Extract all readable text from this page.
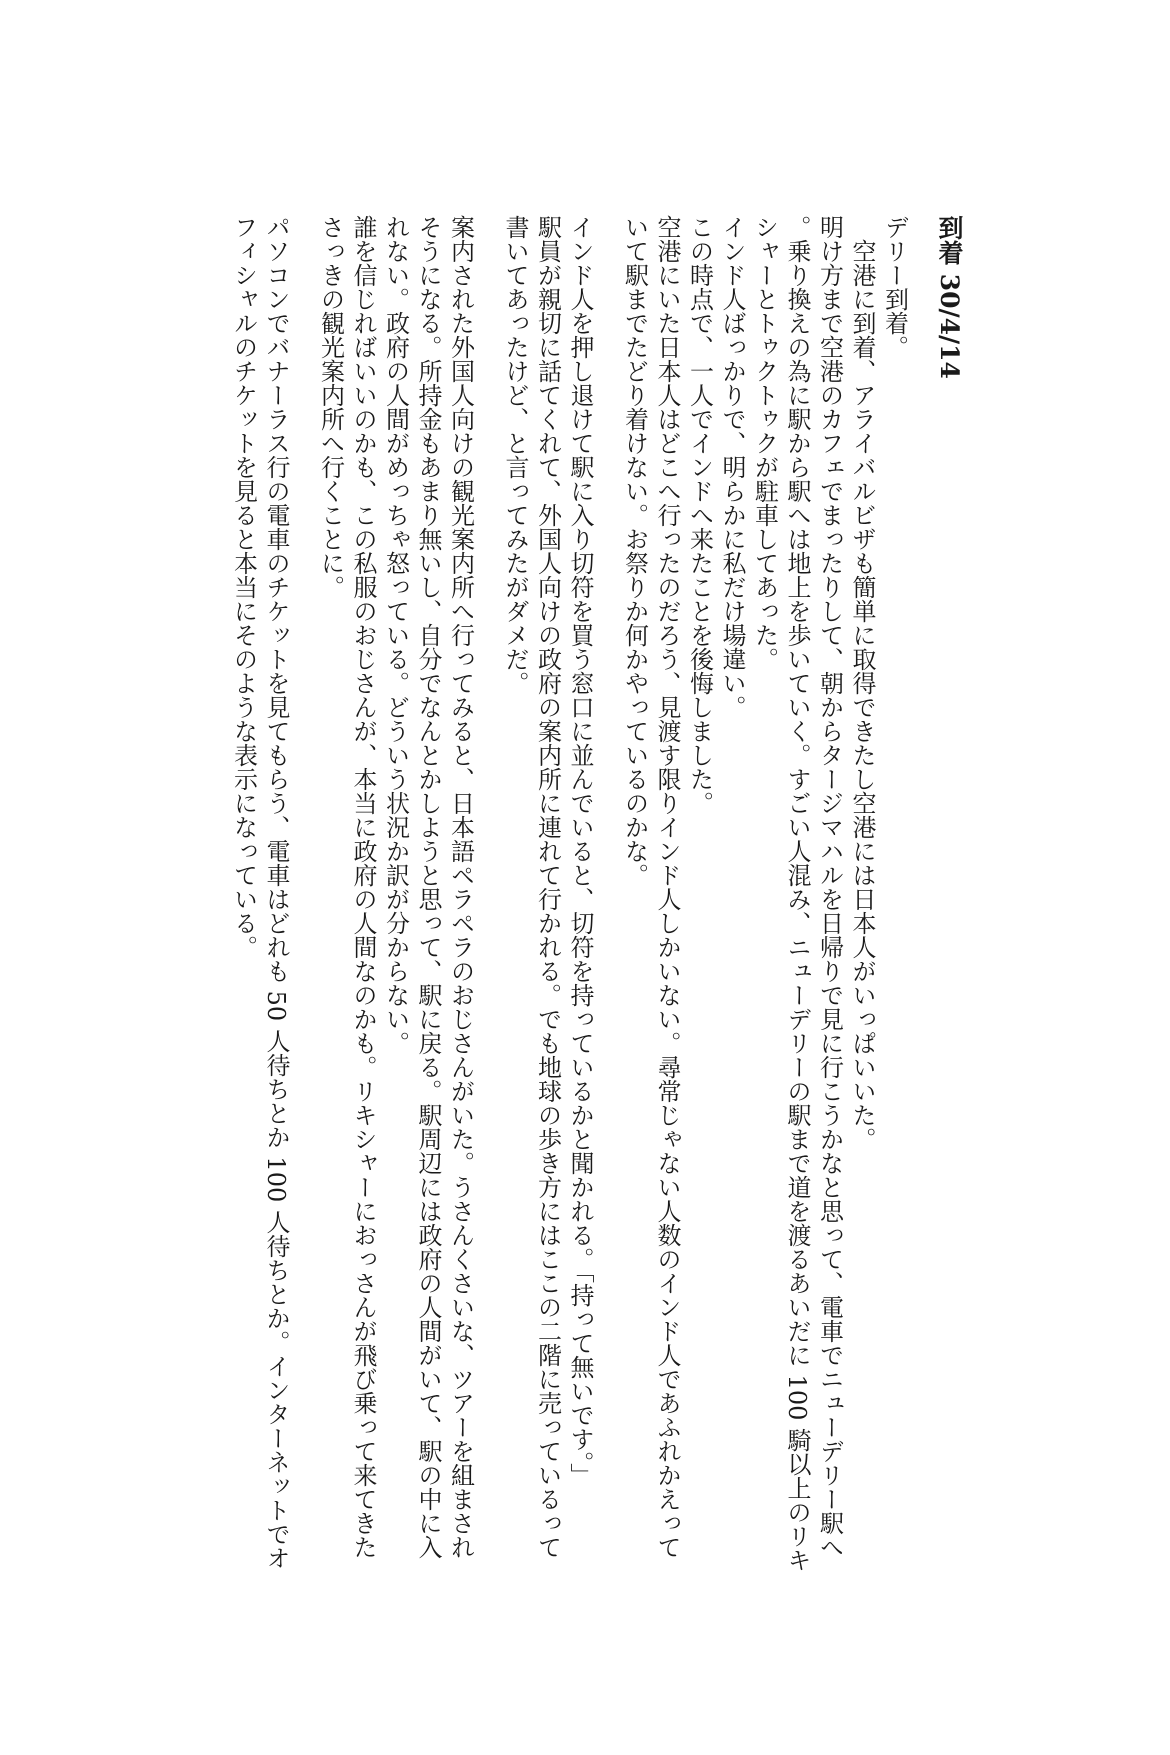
到着 30/4/14
デリー到着。
空港に到着、アライバルビザも簡単に取得できたし空港には日本人がいっぱいいた。
明け方まで空港のカフェでまったりして、朝からタージマハルを日帰りで見に行こうかなと思って、電車でニューデリー駅へ
。乗り換えの為に駅から駅へは地上を歩いていく。すごい人混み、ニューデリーの駅まで道を渡るあいだに 100 騎以上のリキ
シャーとトゥクトゥクが駐車してあった。
インド人ばっかりで、明らかに私だけ場違い。
この時点で、一人でインドへ来たことを後悔しました。
空港にいた日本人はどこへ行ったのだろう、見渡す限りインド人しかいない。尋常じゃない人数のインド人であふれかえって
いて駅までたどり着けない。お祭りか何かやっているのかな。
インド人を押し退けて駅に入り切符を買う窓口に並んでいると、切符を持っているかと聞かれる。「持って無いです。」
駅員が親切に話てくれて、外国人向けの政府の案内所に連れて行かれる。でも地球の歩き方にはここの二階に売っているって
書いてあったけど、と言ってみたがダメだ。
案内された外国人向けの観光案内所へ行ってみると、日本語ペラペラのおじさんがいた。うさんくさいな、ツアーを組まされ
そうになる。所持金もあまり無いし、自分でなんとかしようと思って、駅に戻る。駅周辺には政府の人間がいて、駅の中に入
れない。政府の人間がめっちゃ怒っている。どういう状況か訳が分からない。
誰を信じればいいのかも、この私服のおじさんが、本当に政府の人間なのかも。リキシャーにおっさんが飛び乗って来てきた
さっきの観光案内所へ行くことに。
パソコンでバナーラス行の電車のチケットを見てもらう、電車はどれも 50 人待ちとか 100 人待ちとか。インターネットでオ
フィシャルのチケットを見ると本当にそのような表示になっている。
